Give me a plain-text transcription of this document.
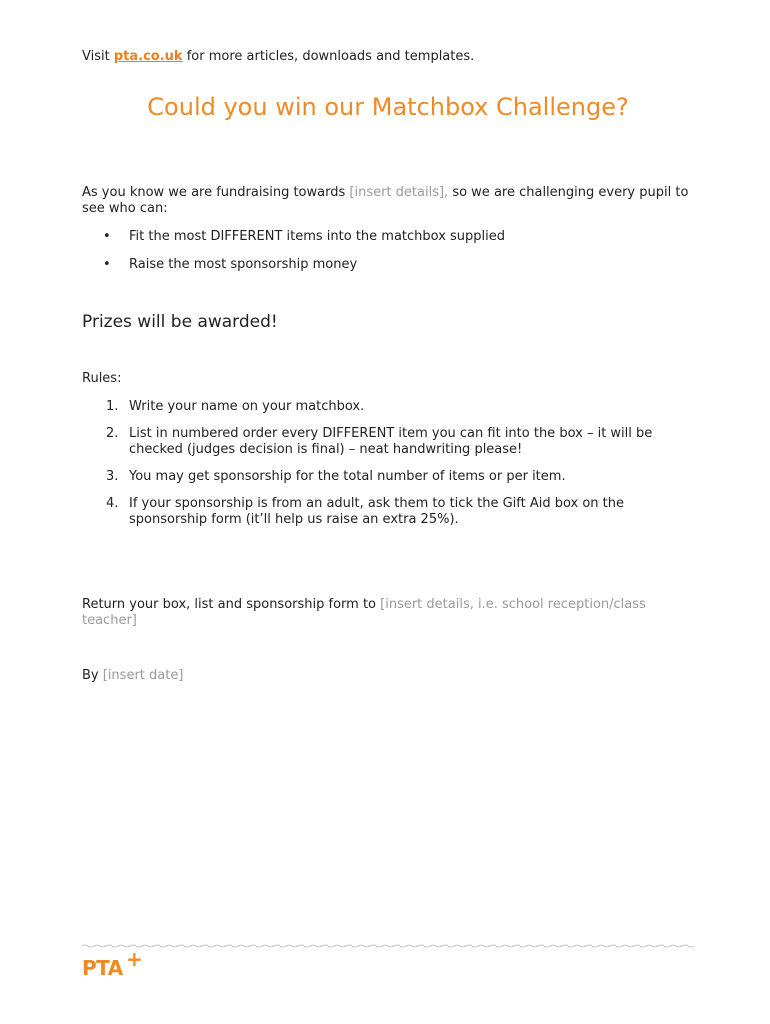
Visit pta.co.uk for more articles, downloads and templates.
Could you win our Matchbox Challenge?

As you know we are fundraising towards [insert details], so we are challenging every pupil to see who can:

• Fit the most DIFFERENT items into the matchbox supplied
• Raise the most sponsorship money
Prizes will be awarded!

Rules:

1. Write your name on your matchbox.
2. List in numbered order every DIFFERENT item you can fit into the box – it will be checked (judges decision is final) – neat handwriting please!
3. You may get sponsorship for the total number of items or per item.
4. If your sponsorship is from an adult, ask them to tick the Gift Aid box on the sponsorship form (it’ll help us raise an extra 25%).

Return your box, list and sponsorship form to [insert details, i.e. school reception/class teacher]

By [insert date]

PTA +
